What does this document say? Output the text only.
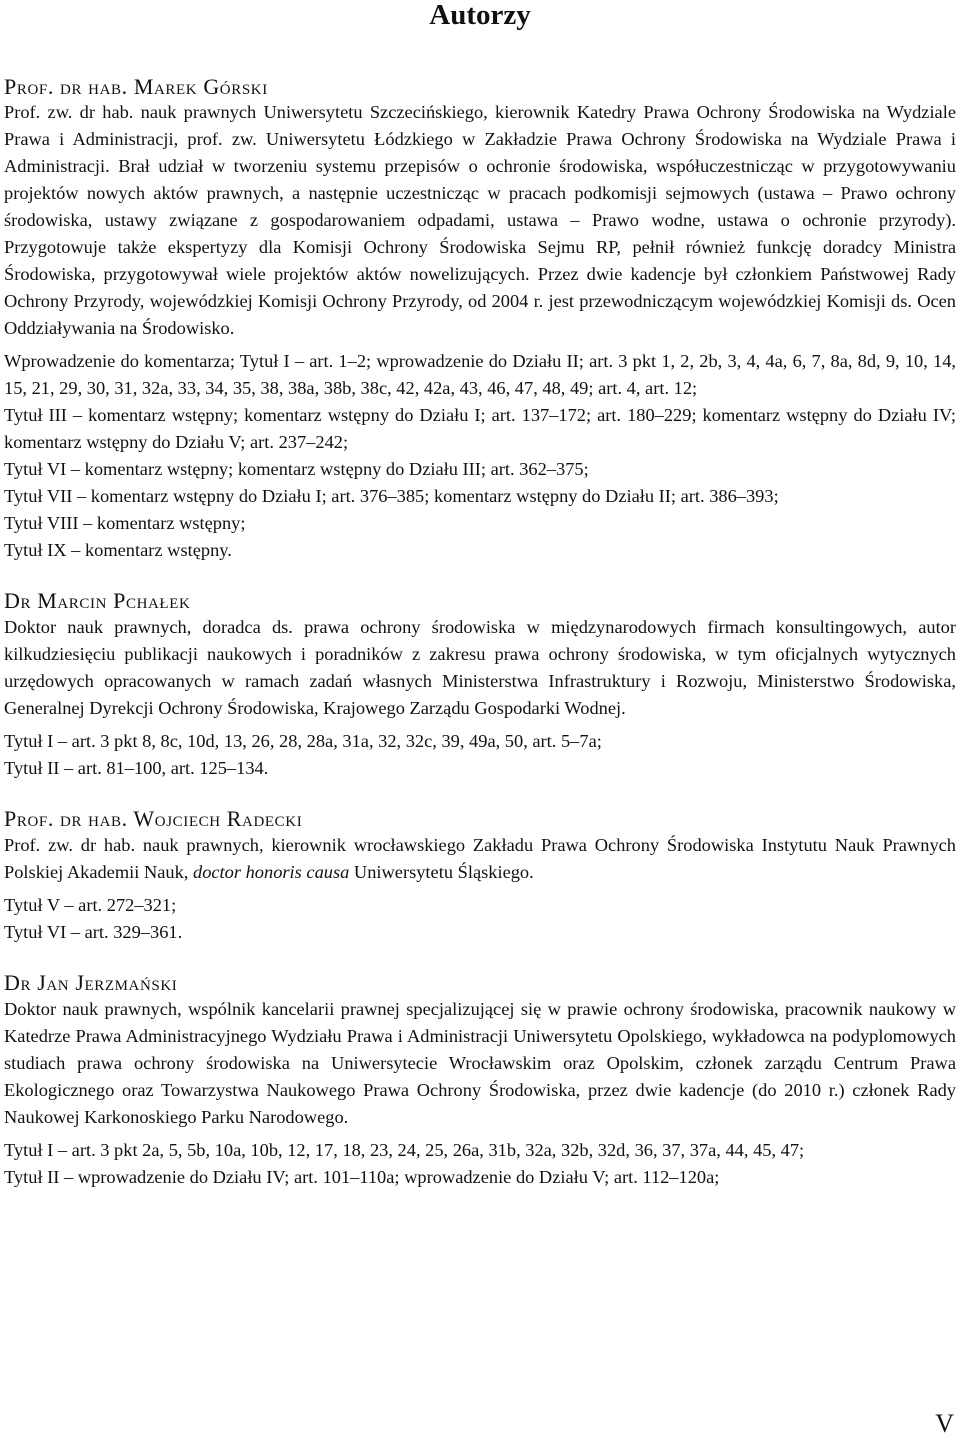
Autorzy

Prof. dr hab. Marek Górski

Prof. zw. dr hab. nauk prawnych Uniwersytetu Szczecińskiego, kierownik Katedry Prawa Ochrony Środowiska na Wydziale Prawa i Administracji, prof. zw. Uniwersytetu Łódzkiego w Zakładzie Prawa Ochrony Środowiska na Wydziale Prawa i Administracji. Brał udział w tworzeniu systemu przepisów o ochronie środowiska, współuczestnicząc w przygotowywaniu projektów nowych aktów prawnych, a następnie uczestnicząc w pracach podkomisji sejmowych (ustawa – Prawo ochrony środowiska, ustawy związane z gospodarowaniem odpadami, ustawa – Prawo wodne, ustawa o ochronie przyrody). Przygotowuje także ekspertyzy dla Komisji Ochrony Środowiska Sejmu RP, pełnił również funkcję doradcy Ministra Środowiska, przygotowywał wiele projektów aktów nowelizujących. Przez dwie kadencje był członkiem Państwowej Rady Ochrony Przyrody, wojewódzkiej Komisji Ochrony Przyrody, od 2004 r. jest przewodniczącym wojewódzkiej Komisji ds. Ocen Oddziaływania na Środowisko.

Wprowadzenie do komentarza; Tytuł I – art. 1–2; wprowadzenie do Działu II; art. 3 pkt 1, 2, 2b, 3, 4, 4a, 6, 7, 8a, 8d, 9, 10, 14, 15, 21, 29, 30, 31, 32a, 33, 34, 35, 38, 38a, 38b, 38c, 42, 42a, 43, 46, 47, 48, 49; art. 4, art. 12;

Tytuł III – komentarz wstępny; komentarz wstępny do Działu I; art. 137–172; art. 180–229; komentarz wstępny do Działu IV; komentarz wstępny do Działu V; art. 237–242;

Tytuł VI – komentarz wstępny; komentarz wstępny do Działu III; art. 362–375;

Tytuł VII – komentarz wstępny do Działu I; art. 376–385; komentarz wstępny do Działu II; art. 386–393;

Tytuł VIII – komentarz wstępny;

Tytuł IX – komentarz wstępny.

Dr Marcin Pchałek

Doktor nauk prawnych, doradca ds. prawa ochrony środowiska w międzynarodowych firmach konsultingowych, autor kilkudziesięciu publikacji naukowych i poradników z zakresu prawa ochrony środowiska, w tym oficjalnych wytycznych urzędowych opracowanych w ramach zadań własnych Ministerstwa Infrastruktury i Rozwoju, Ministerstwo Środowiska, Generalnej Dyrekcji Ochrony Środowiska, Krajowego Zarządu Gospodarki Wodnej.

Tytuł I – art. 3 pkt 8, 8c, 10d, 13, 26, 28, 28a, 31a, 32, 32c, 39, 49a, 50, art. 5–7a;

Tytuł II – art. 81–100, art. 125–134.

Prof. dr hab. Wojciech Radecki

Prof. zw. dr hab. nauk prawnych, kierownik wrocławskiego Zakładu Prawa Ochrony Środowiska Instytutu Nauk Prawnych Polskiej Akademii Nauk, doctor honoris causa Uniwersytetu Śląskiego.

Tytuł V – art. 272–321;

Tytuł VI – art. 329–361.

Dr Jan Jerzmański

Doktor nauk prawnych, wspólnik kancelarii prawnej specjalizującej się w prawie ochrony środowiska, pracownik naukowy w Katedrze Prawa Administracyjnego Wydziału Prawa i Administracji Uniwersytetu Opolskiego, wykładowca na podyplomowych studiach prawa ochrony środowiska na Uniwersytecie Wrocławskim oraz Opolskim, członek zarządu Centrum Prawa Ekologicznego oraz Towarzystwa Naukowego Prawa Ochrony Środowiska, przez dwie kadencje (do 2010 r.) członek Rady Naukowej Karkonoskiego Parku Narodowego.

Tytuł I – art. 3 pkt 2a, 5, 5b, 10a, 10b, 12, 17, 18, 23, 24, 25, 26a, 31b, 32a, 32b, 32d, 36, 37, 37a, 44, 45, 47;

Tytuł II – wprowadzenie do Działu IV; art. 101–110a; wprowadzenie do Działu V; art. 112–120a;

V
